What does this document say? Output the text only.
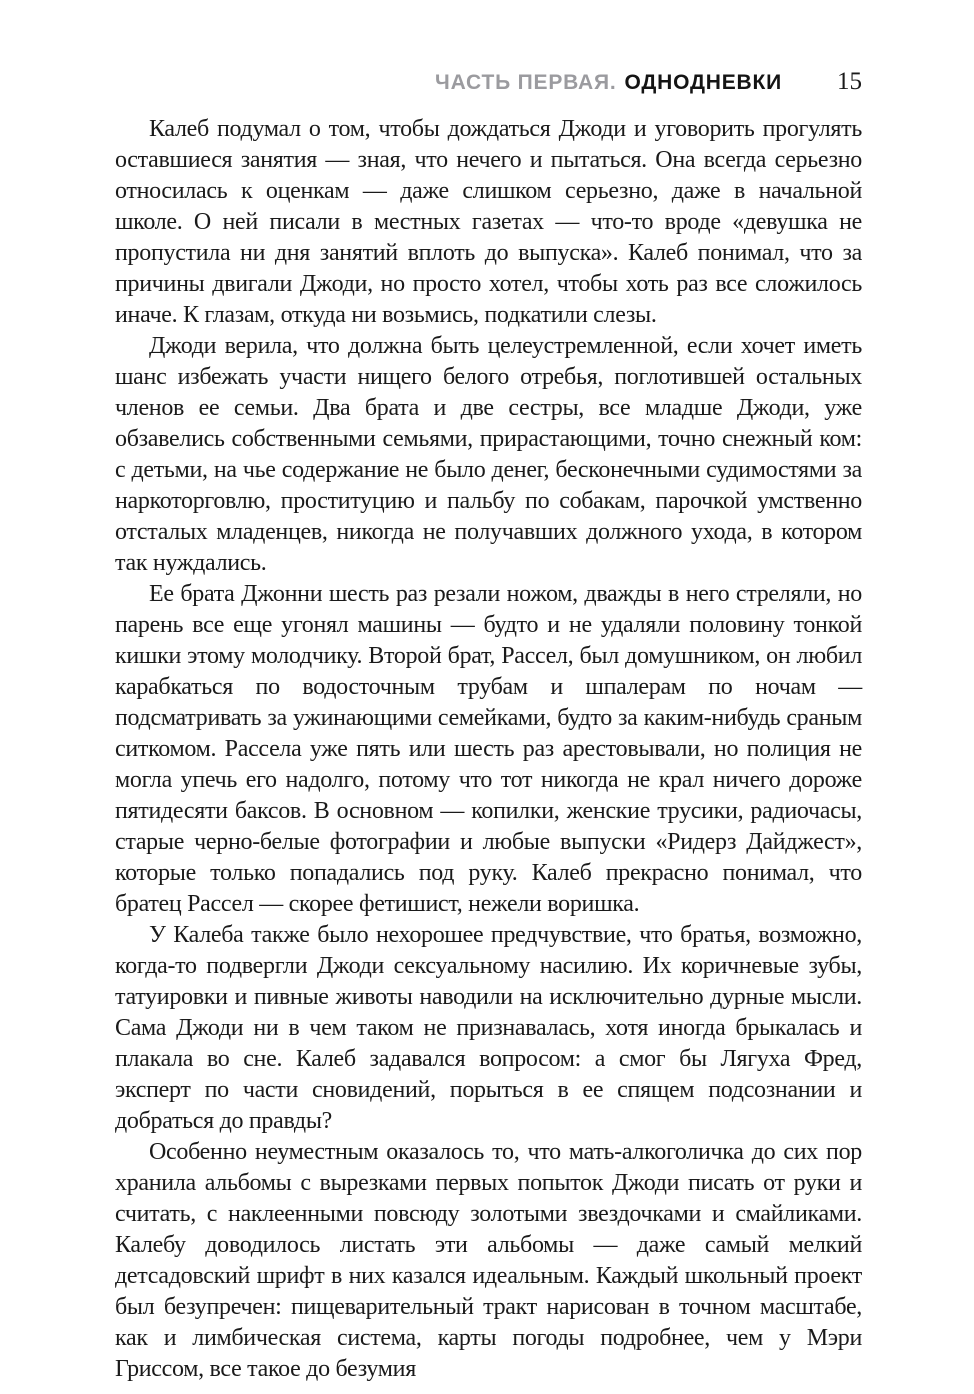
ЧАСТЬ ПЕРВАЯ. ОДНОДНЕВКИ 15

Калеб подумал о том, чтобы дождаться Джоди и уговорить прогулять оставшиеся занятия — зная, что нечего и пытаться. Она всегда серьезно относилась к оценкам — даже слишком серьезно, даже в начальной школе. О ней писали в местных газетах — что-то вроде «девушка не пропустила ни дня занятий вплоть до выпуска». Калеб понимал, что за причины двигали Джоди, но просто хотел, чтобы хоть раз все сложилось иначе. К глазам, откуда ни возьмись, подкатили слезы.

Джоди верила, что должна быть целеустремленной, если хочет иметь шанс избежать участи нищего белого отребья, поглотившей остальных членов ее семьи. Два брата и две сестры, все младше Джоди, уже обзавелись собственными семьями, прирастающими, точно снежный ком: с детьми, на чье содержание не было денег, бесконечными судимостями за наркоторговлю, проституцию и пальбу по собакам, парочкой умственно отсталых младенцев, никогда не получавших должного ухода, в котором так нуждались.

Ее брата Джонни шесть раз резали ножом, дважды в него стреляли, но парень все еще угонял машины — будто и не удаляли половину тонкой кишки этому молодчику. Второй брат, Рассел, был домушником, он любил карабкаться по водосточным трубам и шпалерам по ночам — подсматривать за ужинающими семейками, будто за каким-нибудь сраным ситкомом. Рассела уже пять или шесть раз арестовывали, но полиция не могла упечь его надолго, потому что тот никогда не крал ничего дороже пятидесяти баксов. В основном — копилки, женские трусики, радиочасы, старые черно-белые фотографии и любые выпуски «Ридерз Дайджест», которые только попадались под руку. Калеб прекрасно понимал, что братец Рассел — скорее фетишист, нежели воришка.

У Калеба также было нехорошее предчувствие, что братья, возможно, когда-то подвергли Джоди сексуальному насилию. Их коричневые зубы, татуировки и пивные животы наводили на исключительно дурные мысли. Сама Джоди ни в чем таком не признавалась, хотя иногда брыкалась и плакала во сне. Калеб задавался вопросом: а смог бы Лягуха Фред, эксперт по части сновидений, порыться в ее спящем подсознании и добраться до правды?

Особенно неуместным оказалось то, что мать-алкоголичка до сих пор хранила альбомы с вырезками первых попыток Джоди писать от руки и считать, с наклеенными повсюду золотыми звездочками и смайликами. Калебу доводилось листать эти альбомы — даже самый мелкий детсадовский шрифт в них казался идеальным. Каждый школьный проект был безупречен: пищеварительный тракт нарисован в точном масштабе, как и лимбическая система, карты погоды подробнее, чем у Мэри Гриссом, все такое до безумия
